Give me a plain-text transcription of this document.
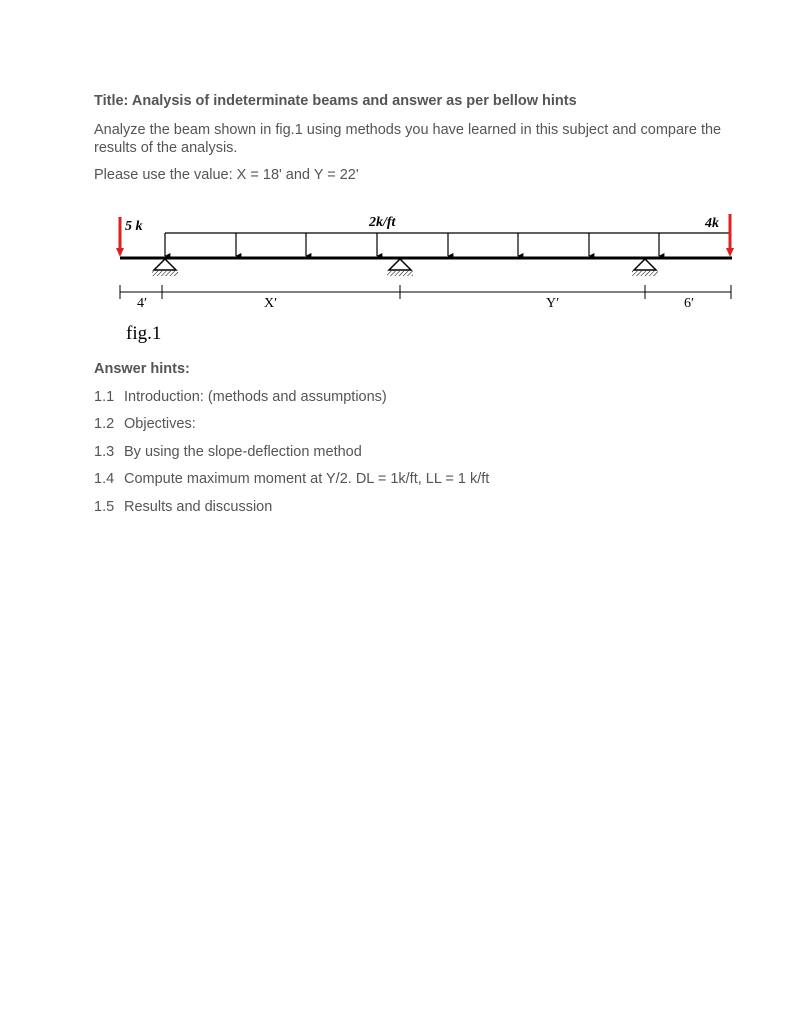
Title: Analysis of indeterminate beams and answer as per bellow hints
Analyze the beam shown in fig.1 using methods you have learned in this subject and compare the results of the analysis.
Please use the value: X = 18' and Y = 22'
5 k	2k/ft	4k
4′	X′	Y′	6′
fig.1
Answer hints:
1.1 Introduction: (methods and assumptions)
1.2 Objectives:
1.3 By using the slope-deflection method
1.4 Compute maximum moment at Y/2. DL = 1k/ft, LL = 1 k/ft
1.5 Results and discussion
